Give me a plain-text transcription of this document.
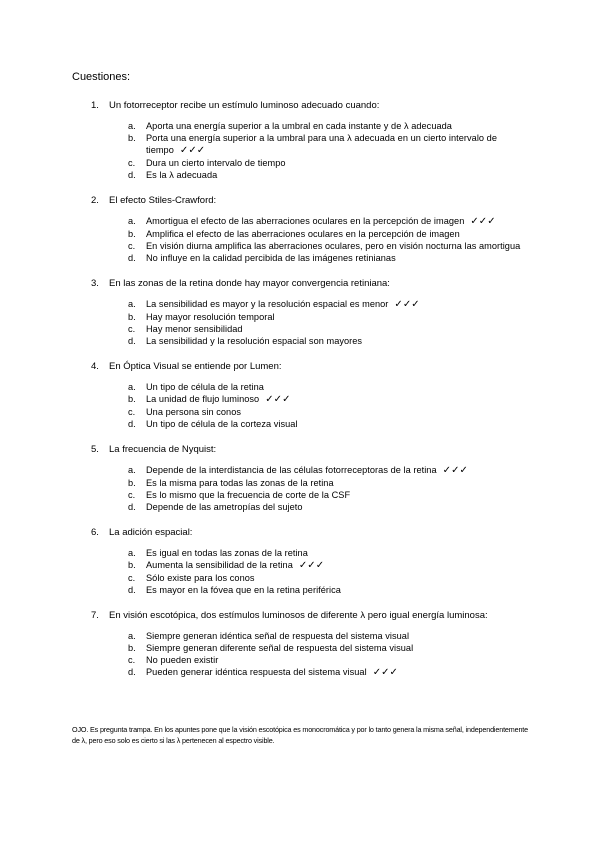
Cuestiones:
1. Un fotorreceptor recibe un estímulo luminoso adecuado cuando:
a. Aporta una energía superior a la umbral en cada instante y de λ adecuada
b. Porta una energía superior a la umbral para una λ adecuada en un cierto intervalo de tiempo ✓✓✓
c. Dura un cierto intervalo de tiempo
d. Es la λ adecuada
2. El efecto Stiles-Crawford:
a. Amortigua el efecto de las aberraciones oculares en la percepción de imagen ✓✓✓
b. Amplifica el efecto de las aberraciones oculares en la percepción de imagen
c. En visión diurna amplifica las aberraciones oculares, pero en visión nocturna las amortigua
d. No influye en la calidad percibida de las imágenes retinianas
3. En las zonas de la retina donde hay mayor convergencia retiniana:
a. La sensibilidad es mayor y la resolución espacial es menor ✓✓✓
b. Hay mayor resolución temporal
c. Hay menor sensibilidad
d. La sensibilidad y la resolución espacial son mayores
4. En Óptica Visual se entiende por Lumen:
a. Un tipo de célula de la retina
b. La unidad de flujo luminoso ✓✓✓
c. Una persona sin conos
d. Un tipo de célula de la corteza visual
5. La frecuencia de Nyquist:
a. Depende de la interdistancia de las células fotorreceptoras de la retina ✓✓✓
b. Es la misma para todas las zonas de la retina
c. Es lo mismo que la frecuencia de corte de la CSF
d. Depende de las ametropías del sujeto
6. La adición espacial:
a. Es igual en todas las zonas de la retina
b. Aumenta la sensibilidad de la retina ✓✓✓
c. Sólo existe para los conos
d. Es mayor en la fóvea que en la retina periférica
7. En visión escotópica, dos estímulos luminosos de diferente λ pero igual energía luminosa:
a. Siempre generan idéntica señal de respuesta del sistema visual
b. Siempre generan diferente señal de respuesta del sistema visual
c. No pueden existir
d. Pueden generar idéntica respuesta del sistema visual ✓✓✓
OJO. Es pregunta trampa. En los apuntes pone que la visión escotópica es monocromática y por lo tanto genera la misma señal, independientemente de λ, pero eso solo es cierto si las λ pertenecen al espectro visible.
